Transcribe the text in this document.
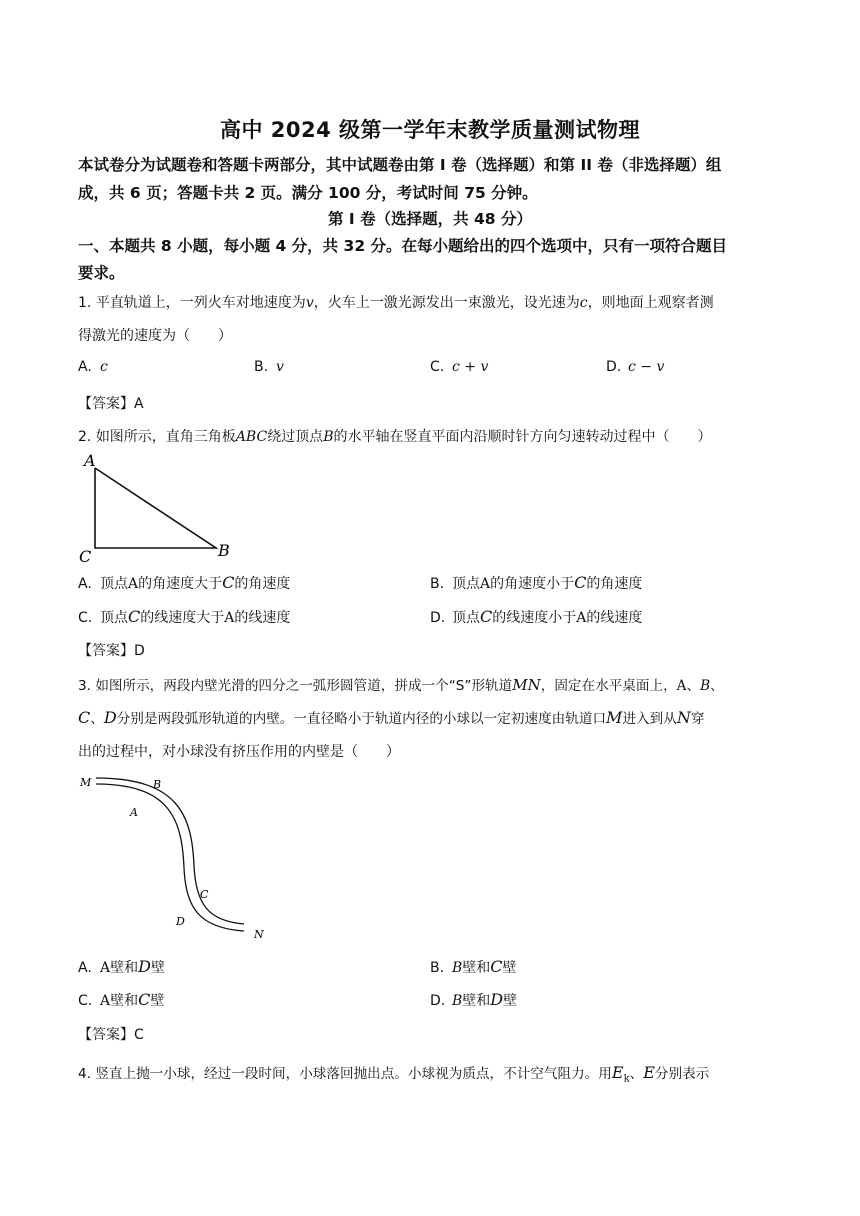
高中 2024 级第一学年末教学质量测试物理
本试卷分为试题卷和答题卡两部分，其中试题卷由第 I 卷（选择题）和第 II 卷（非选择题）组
成，共 6 页；答题卡共 2 页。满分 100 分，考试时间 75 分钟。
第 I 卷（选择题，共 48 分）
一、本题共 8 小题，每小题 4 分，共 32 分。在每小题给出的四个选项中，只有一项符合题目
要求。
1. 平直轨道上，一列火车对地速度为v，火车上一激光源发出一束激光，设光速为c，则地面上观察者测
得激光的速度为（　　）
A. c	B. v	C. c + v	D. c − v
【答案】A
2. 如图所示，直角三角板ABC绕过顶点B的水平轴在竖直平面内沿顺时针方向匀速转动过程中（　　）
A
C	B
A. 顶点A的角速度大于C的角速度	B. 顶点A的角速度小于C的角速度
C. 顶点C的线速度大于A的线速度	D. 顶点C的线速度小于A的线速度
【答案】D
3. 如图所示，两段内壁光滑的四分之一弧形圆管道，拼成一个“S”形轨道MN，固定在水平桌面上，A、B、
C、D分别是两段弧形轨道的内壁。一直径略小于轨道内径的小球以一定初速度由轨道口M进入到从N穿
出的过程中，对小球没有挤压作用的内壁是（　　）
M	B
A
C
D
N
A. A壁和D壁	B. B壁和C壁
C. A壁和C壁	D. B壁和D壁
【答案】C
4. 竖直上抛一小球，经过一段时间，小球落回抛出点。小球视为质点，不计空气阻力。用$E_k$、E分别表示
